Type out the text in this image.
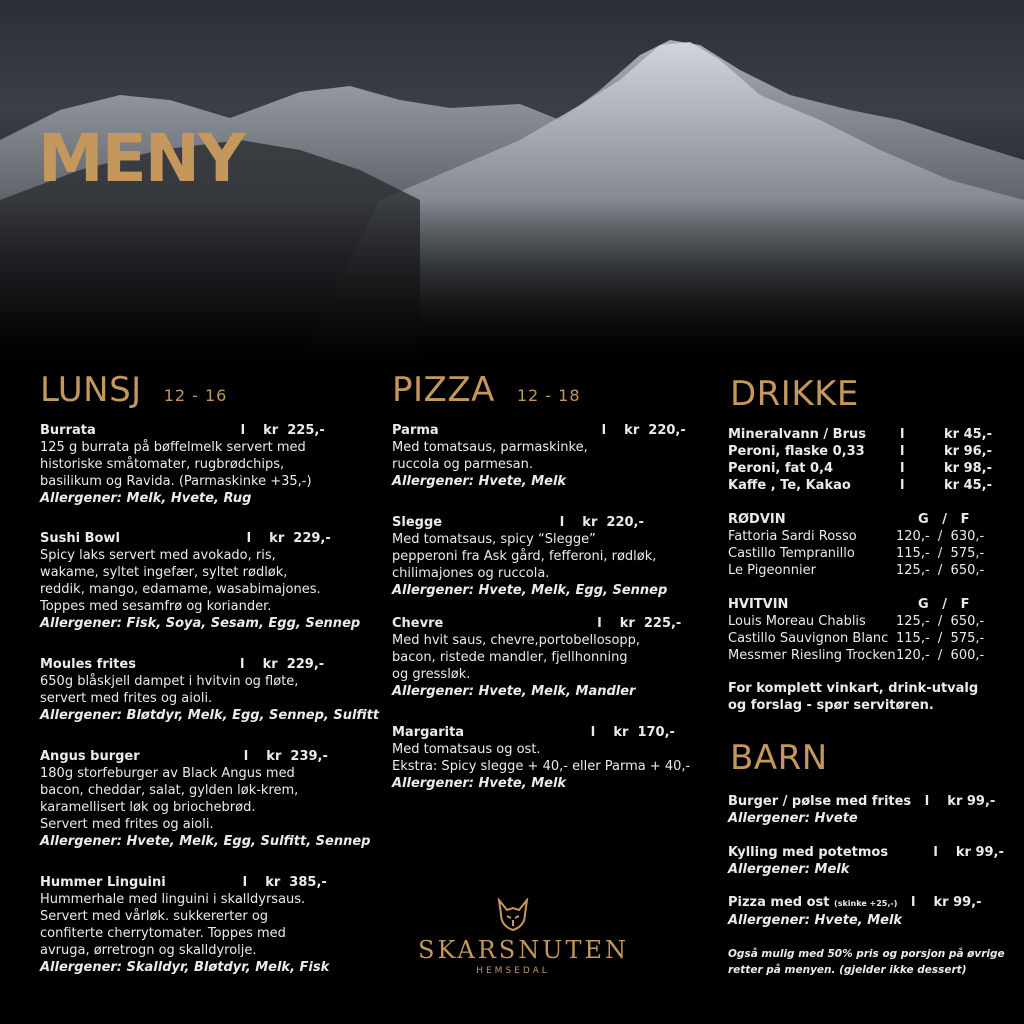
MENY
LUNSJ 12 - 16
Burrata                                l    kr  225,-
125 g burrata på bøffelmelk servert med
historiske småtomater, rugbrødchips,
basilikum og Ravida. (Parmaskinke +35,-)
Allergener: Melk, Hvete, Rug
Sushi Bowl                            l    kr  229,-
Spicy laks servert med avokado, ris,
wakame, syltet ingefær, syltet rødløk,
reddik, mango, edamame, wasabimajones.
Toppes med sesamfrø og koriander.
Allergener: Fisk, Soya, Sesam, Egg, Sennep
Moules frites                       l    kr  229,-
650g blåskjell dampet i hvitvin og fløte,
servert med frites og aioli.
Allergener: Bløtdyr, Melk, Egg, Sennep, Sulfitt
Angus burger                       l    kr  239,-
180g storfeburger av Black Angus med
bacon, cheddar, salat, gylden løk-krem,
karamellisert løk og briochebrød.
Servert med frites og aioli.
Allergener: Hvete, Melk, Egg, Sulfitt, Sennep
Hummer Linguini                 l    kr  385,-
Hummerhale med linguini i skalldyrsaus.
Servert med vårløk. sukkererter og
confiterte cherrytomater. Toppes med
avruga, ørretrogn og skalldyrolje.
Allergener: Skalldyr, Bløtdyr, Melk, Fisk
PIZZA 12 - 18
Parma                                    l    kr  220,-
Med tomatsaus, parmaskinke,
ruccola og parmesan.
Allergener: Hvete, Melk
Slegge                          l    kr  220,-
Med tomatsaus, spicy “Slegge”
pepperoni fra Ask gård, fefferoni, rødløk,
chilimajones og ruccola.
Allergener: Hvete, Melk, Egg, Sennep
Chevre                                  l    kr  225,-
Med hvit saus, chevre,portobellosopp,
bacon, ristede mandler, fjellhonning
og gressløk.
Allergener: Hvete, Melk, Mandler
Margarita                            l    kr  170,-
Med tomatsaus og ost.
Ekstra: Spicy slegge + 40,- eller Parma + 40,-
Allergener: Hvete, Melk
SKARSNUTEN
HEMSEDAL
DRIKKE
Mineralvann / Brus	l	kr 45,-
Peroni, flaske 0,33	l	kr 96,-
Peroni, fat 0,4	l	kr 98,-
Kaffe , Te, Kakao	l	kr 45,-
RØDVIN	G   /   F
Fattoria Sardi Rosso	120,-  /  630,-
Castillo Tempranillo	115,-  /  575,-
Le Pigeonnier	125,-  /  650,-
HVITVIN	G   /   F
Louis Moreau Chablis 125,-  /  650,-
Castillo Sauvignon Blanc 115,-  /  575,-
Messmer Riesling Trocken 120,-  /  600,-
For komplett vinkart, drink-utvalg
og forslag - spør servitøren.
BARN
Burger / pølse med frites   l    kr 99,-
Allergener: Hvete
Kylling med potetmos          l    kr 99,-
Allergener: Melk
Pizza med ost (skinke +25,-)   l    kr 99,-
Allergener: Hvete, Melk
Også mulig med 50% pris og porsjon på øvrige
retter på menyen. (gjelder ikke dessert)
